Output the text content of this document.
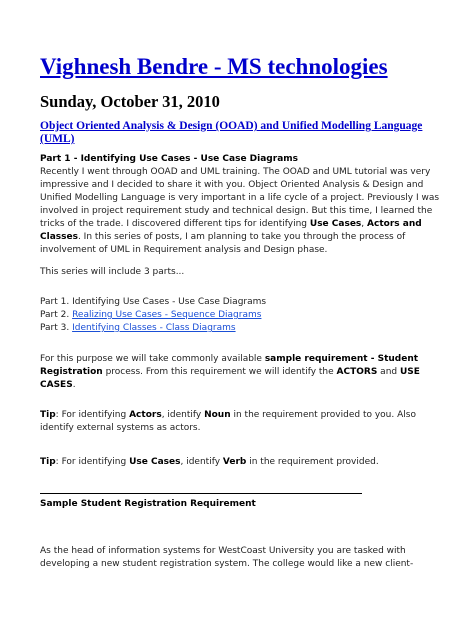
Vighnesh Bendre - MS technologies
Sunday, October 31, 2010
Object Oriented Analysis & Design (OOAD) and Unified Modelling Language (UML)
Part 1 - Identifying Use Cases - Use Case Diagrams
Recently I went through OOAD and UML training. The OOAD and UML tutorial was very impressive and I decided to share it with you. Object Oriented Analysis & Design and Unified Modelling Language is very important in a life cycle of a project. Previously I was involved in project requirement study and technical design. But this time, I learned the tricks of the trade. I discovered different tips for identifying Use Cases, Actors and Classes. In this series of posts, I am planning to take you through the process of involvement of UML in Requirement analysis and Design phase.
This series will include 3 parts...
Part 1. Identifying Use Cases - Use Case Diagrams
Part 2. Realizing Use Cases - Sequence Diagrams
Part 3. Identifying Classes - Class Diagrams
For this purpose we will take commonly available sample requirement - Student Registration process. From this requirement we will identify the ACTORS and USE CASES.
Tip: For identifying Actors, identify Noun in the requirement provided to you. Also identify external systems as actors.
Tip: For identifying Use Cases, identify Verb in the requirement provided.
Sample Student Registration Requirement
As the head of information systems for WestCoast University you are tasked with developing a new student registration system. The college would like a new client-
